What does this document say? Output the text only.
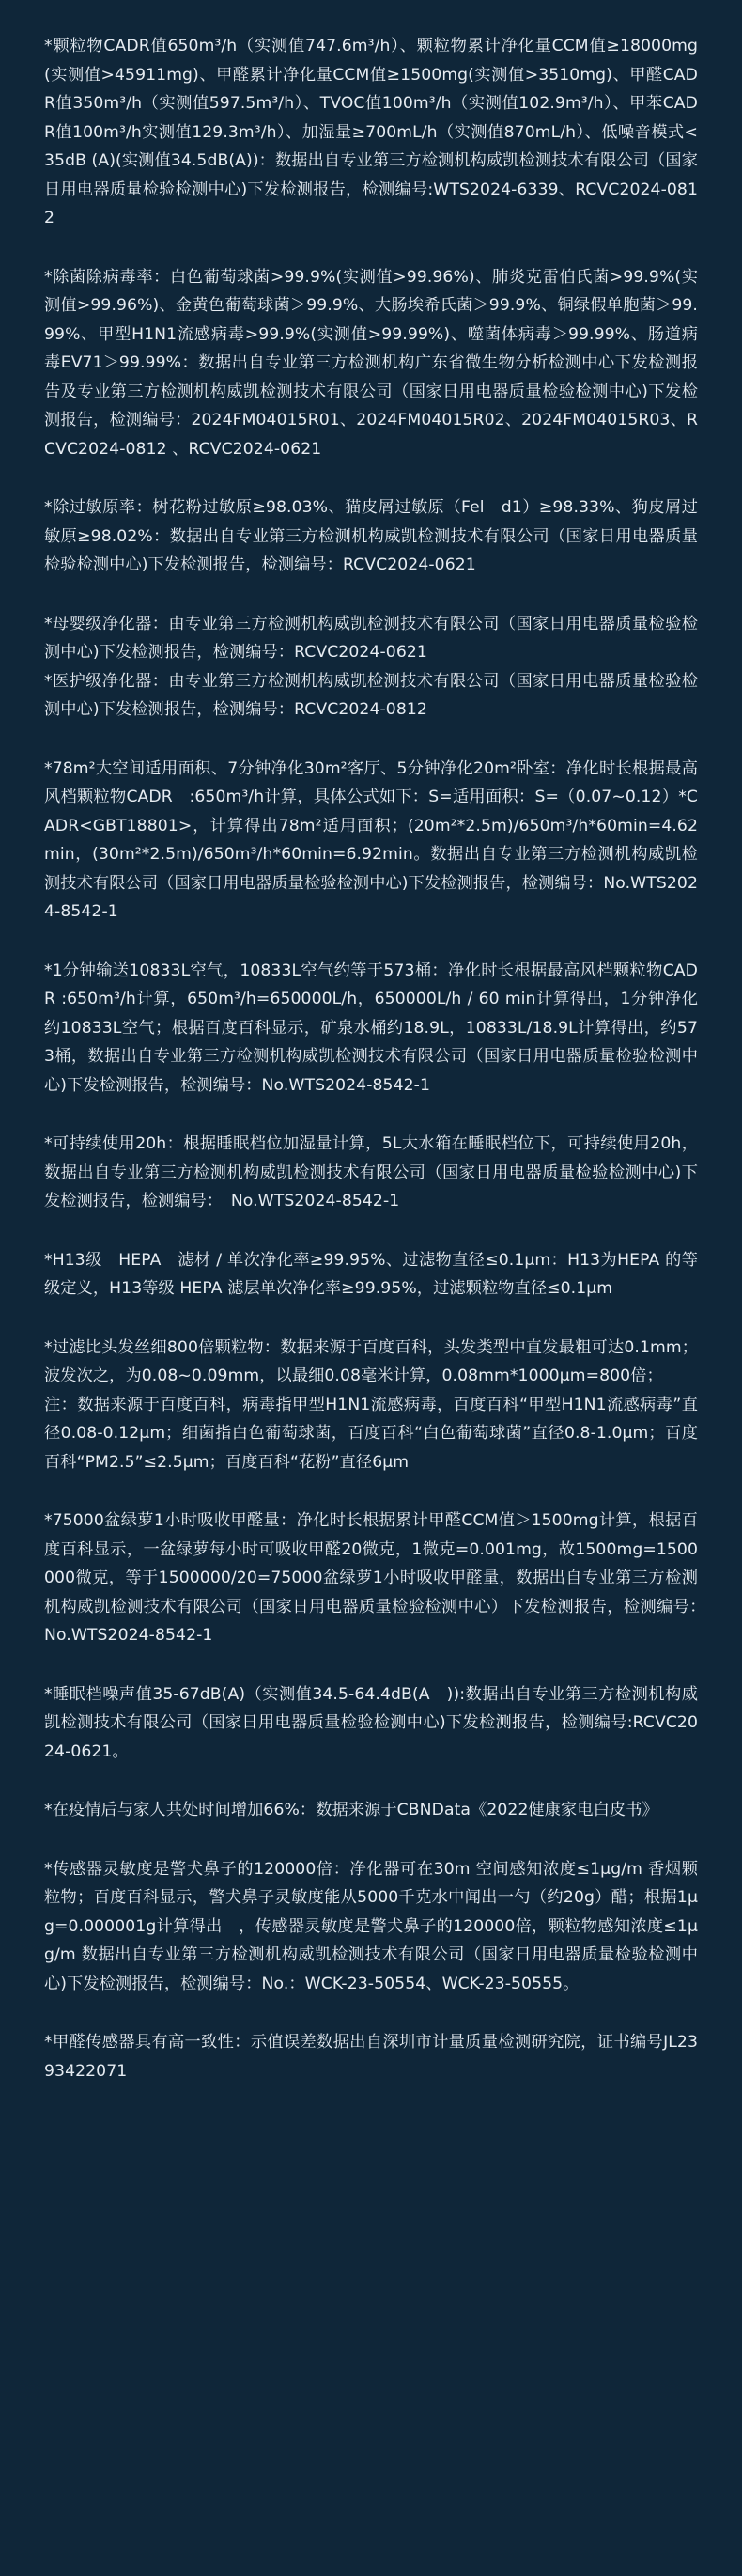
*颗粒物CADR值650m³/h（实测值747.6m³/h）、颗粒物累计净化量CCM值≥18000mg(实测值>45911mg)、甲醛累计净化量CCM值≥1500mg(实测值>3510mg)、甲醛CADR值350m³/h（实测值597.5m³/h）、TVOC值100m³/h（实测值102.9m³/h）、甲苯CADR值100m³/h实测值129.3m³/h）、加湿量≥700mL/h（实测值870mL/h）、低噪音模式<35dB (A)(实测值34.5dB(A))：数据出自专业第三方检测机构威凯检测技术有限公司（国家日用电器质量检验检测中心)下发检测报告，检测编号:WTS2024-6339、RCVC2024-0812

*除菌除病毒率：白色葡萄球菌>99.9%(实测值>99.96%)、肺炎克雷伯氏菌>99.9%(实测值>99.96%)、金黄色葡萄球菌＞99.9%、大肠埃希氏菌＞99.9%、铜绿假单胞菌＞99.99%、甲型H1N1流感病毒>99.9%(实测值>99.99%)、噬菌体病毒＞99.99%、肠道病毒EV71＞99.99%：数据出自专业第三方检测机构广东省微生物分析检测中心下发检测报告及专业第三方检测机构威凯检测技术有限公司（国家日用电器质量检验检测中心)下发检测报告，检测编号：2024FM04015R01、2024FM04015R02、2024FM04015R03、RCVC2024-0812 、RCVC2024-0621

*除过敏原率：树花粉过敏原≥98.03%、猫皮屑过敏原（Fel　d1）≥98.33%、狗皮屑过敏原≥98.02%：数据出自专业第三方检测机构威凯检测技术有限公司（国家日用电器质量检验检测中心)下发检测报告，检测编号：RCVC2024-0621

*母婴级净化器：由专业第三方检测机构威凯检测技术有限公司（国家日用电器质量检验检测中心)下发检测报告，检测编号：RCVC2024-0621

*医护级净化器：由专业第三方检测机构威凯检测技术有限公司（国家日用电器质量检验检测中心)下发检测报告，检测编号：RCVC2024-0812

*78m²大空间适用面积、7分钟净化30m²客厅、5分钟净化20m²卧室：净化时长根据最高风档颗粒物CADR　:650m³/h计算，具体公式如下：S=适用面积：S=（0.07~0.12）*CADR<GBT18801>，计算得出78m²适用面积；(20m²*2.5m)/650m³/h*60min=4.62min，(30m²*2.5m)/650m³/h*60min=6.92min。数据出自专业第三方检测机构威凯检测技术有限公司（国家日用电器质量检验检测中心)下发检测报告，检测编号：No.WTS2024-8542-1

*1分钟输送10833L空气，10833L空气约等于573桶：净化时长根据最高风档颗粒物CADR :650m³/h计算，650m³/h=650000L/h，650000L/h / 60 min计算得出，1分钟净化约10833L空气；根据百度百科显示，矿泉水桶约18.9L，10833L/18.9L计算得出，约573桶，数据出自专业第三方检测机构威凯检测技术有限公司（国家日用电器质量检验检测中心)下发检测报告，检测编号：No.WTS2024-8542-1

*可持续使用20h：根据睡眠档位加湿量计算，5L大水箱在睡眠档位下，可持续使用20h，数据出自专业第三方检测机构威凯检测技术有限公司（国家日用电器质量检验检测中心)下发检测报告，检测编号：　No.WTS2024-8542-1

*H13级　HEPA　滤材 / 单次净化率≥99.95%、过滤物直径≤0.1μm：H13为HEPA 的等级定义，H13等级 HEPA 滤层单次净化率≥99.95%，过滤颗粒物直径≤0.1μm

*过滤比头发丝细800倍颗粒物：数据来源于百度百科，头发类型中直发最粗可达0.1mm；波发次之，为0.08~0.09mm，以最细0.08毫米计算，0.08mm*1000μm=800倍；
注：数据来源于百度百科，病毒指甲型H1N1流感病毒，百度百科“甲型H1N1流感病毒”直径0.08-0.12μm；细菌指白色葡萄球菌，百度百科“白色葡萄球菌”直径0.8-1.0μm；百度百科“PM2.5”≤2.5μm；百度百科“花粉”直径6μm

*75000盆绿萝1小时吸收甲醛量：净化时长根据累计甲醛CCM值＞1500mg计算，根据百度百科显示，一盆绿萝每小时可吸收甲醛20微克，1微克=0.001mg，故1500mg=1500000微克，等于1500000/20=75000盆绿萝1小时吸收甲醛量，数据出自专业第三方检测机构威凯检测技术有限公司（国家日用电器质量检验检测中心）下发检测报告，检测编号：　No.WTS2024-8542-1

*睡眠档噪声值35-67dB(A)（实测值34.5-64.4dB(A　)):数据出自专业第三方检测机构威凯检测技术有限公司（国家日用电器质量检验检测中心)下发检测报告，检测编号:RCVC2024-0621。

*在疫情后与家人共处时间增加66%：数据来源于CBNData《2022健康家电白皮书》

*传感器灵敏度是警犬鼻子的120000倍：净化器可在30m 空间感知浓度≤1μg/m 香烟颗粒物；百度百科显示，警犬鼻子灵敏度能从5000千克水中闻出一勺（约20g）醋；根据1μg=0.000001g计算得出　，传感器灵敏度是警犬鼻子的120000倍，颗粒物感知浓度≤1μg/m 数据出自专业第三方检测机构威凯检测技术有限公司（国家日用电器质量检验检测中心)下发检测报告，检测编号：No.：WCK-23-50554、WCK-23-50555。

*甲醛传感器具有高一致性：示值误差数据出自深圳市计量质量检测研究院，证书编号JL2393422071
